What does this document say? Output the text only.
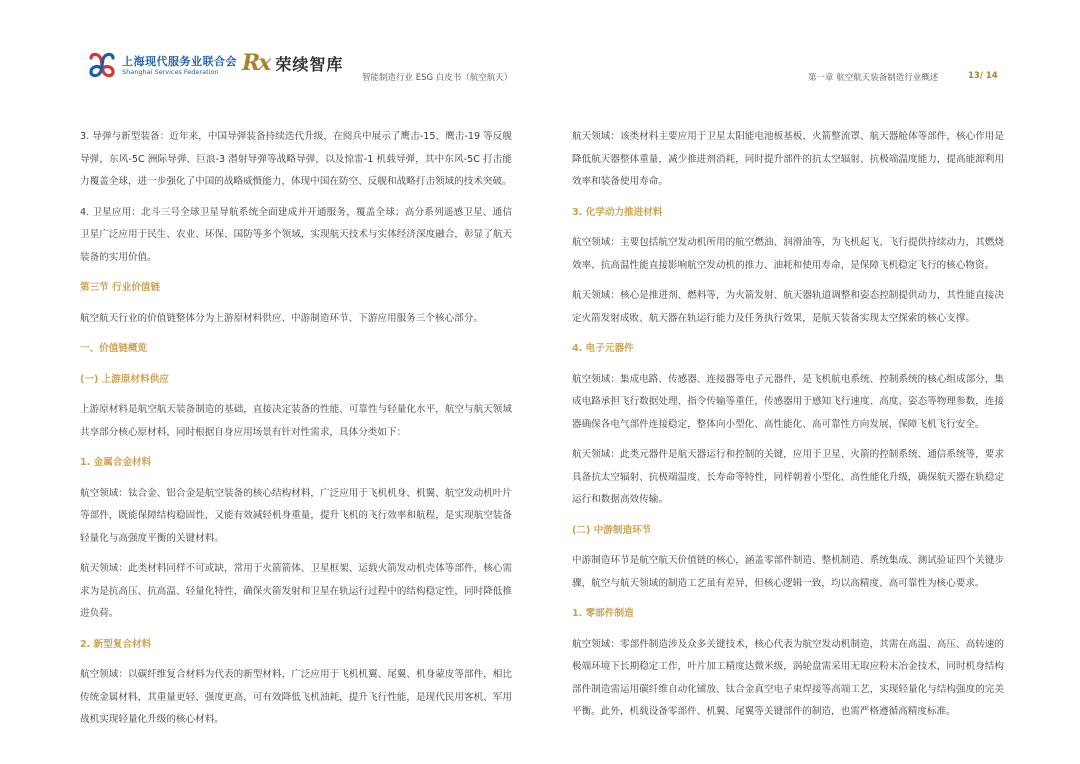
上海现代服务业联合会
Shanghai Services Federation	Rx 荣续智库
智能制造行业 ESG 白皮书（航空航天）	第一章 航空航天装备制造行业概述	13/ 14

3. 导弹与新型装备：近年来，中国导弹装备持续迭代升级，在阅兵中展示了鹰击-15、鹰击-19 等反舰导弹，东风-5C 洲际导弹、巨浪-3 潜射导弹等战略导弹，以及惊雷-1 机载导弹，其中东风-5C 打击能力覆盖全球，进一步强化了中国的战略威慑能力，体现中国在防空、反舰和战略打击领域的技术突破。

4. 卫星应用：北斗三号全球卫星导航系统全面建成并开通服务，覆盖全球；高分系列遥感卫星、通信卫星广泛应用于民生、农业、环保、国防等多个领域，实现航天技术与实体经济深度融合，彰显了航天装备的实用价值。

第三节 行业价值链

航空航天行业的价值链整体分为上游原材料供应、中游制造环节、下游应用服务三个核心部分。

一、价值链概览
(一) 上游原材料供应

上游原材料是航空航天装备制造的基础，直接决定装备的性能、可靠性与轻量化水平，航空与航天领域共享部分核心原材料，同时根据自身应用场景有针对性需求，具体分类如下：

1. 金属合金材料

航空领域：钛合金、铝合金是航空装备的核心结构材料，广泛应用于飞机机身、机翼、航空发动机叶片等部件，既能保障结构稳固性，又能有效减轻机身重量，提升飞机的飞行效率和航程，是实现航空装备轻量化与高强度平衡的关键材料。

航天领域：此类材料同样不可或缺，常用于火箭箭体、卫星框架、运载火箭发动机壳体等部件，核心需求为是抗高压、抗高温、轻量化特性，确保火箭发射和卫星在轨运行过程中的结构稳定性，同时降低推进负荷。

2. 新型复合材料

航空领域：以碳纤维复合材料为代表的新型材料，广泛应用于飞机机翼、尾翼、机身蒙皮等部件，相比传统金属材料，其重量更轻、强度更高，可有效降低飞机油耗，提升飞行性能，是现代民用客机、军用战机实现轻量化升级的核心材料。

航天领域：该类材料主要应用于卫星太阳能电池板基板、火箭整流罩、航天器舱体等部件，核心作用是降低航天器整体重量，减少推进剂消耗，同时提升部件的抗太空辐射、抗极端温度能力，提高能源利用效率和装备使用寿命。

3. 化学动力推进材料

航空领域：主要包括航空发动机所用的航空燃油、润滑油等，为飞机起飞、飞行提供持续动力，其燃烧效率、抗高温性能直接影响航空发动机的推力、油耗和使用寿命，是保障飞机稳定飞行的核心物资。

航天领域：核心是推进剂、燃料等，为火箭发射、航天器轨道调整和姿态控制提供动力，其性能直接决定火箭发射成败、航天器在轨运行能力及任务执行效果，是航天装备实现太空探索的核心支撑。

4. 电子元器件

航空领域：集成电路、传感器、连接器等电子元器件，是飞机航电系统、控制系统的核心组成部分，集成电路承担飞行数据处理、指令传输等重任，传感器用于感知飞行速度、高度、姿态等物理参数，连接器确保各电气部件连接稳定，整体向小型化、高性能化、高可靠性方向发展，保障飞机飞行安全。

航天领域：此类元器件是航天器运行和控制的关键，应用于卫星、火箭的控制系统、通信系统等，要求具备抗太空辐射、抗极端温度、长寿命等特性，同样朝着小型化、高性能化升级，确保航天器在轨稳定运行和数据高效传输。

(二) 中游制造环节

中游制造环节是航空航天价值链的核心，涵盖零部件制造、整机制造、系统集成、测试验证四个关键步骤，航空与航天领域的制造工艺虽有差异，但核心逻辑一致，均以高精度、高可靠性为核心要求。

1. 零部件制造

航空领域：零部件制造涉及众多关键技术，核心代表为航空发动机制造，其需在高温、高压、高转速的极端环境下长期稳定工作，叶片加工精度达微米级，涡轮盘需采用无取应粉末冶金技术，同时机身结构部件制造需运用碳纤维自动化铺放、钛合金真空电子束焊接等高端工艺，实现轻量化与结构强度的完美平衡。此外，机载设备零部件、机翼、尾翼等关键部件的制造，也需严格遵循高精度标准。
